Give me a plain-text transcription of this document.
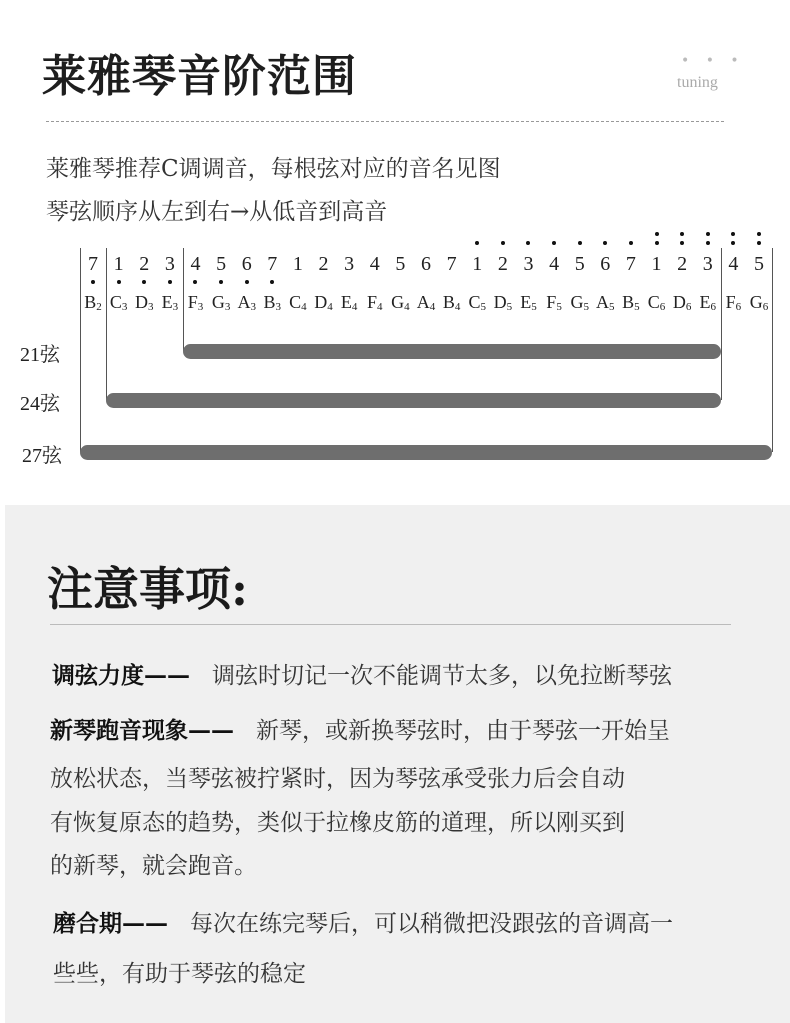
莱雅琴音阶范围	• • •
tuning
莱雅琴推荐C调调音，每根弦对应的音名见图
琴弦顺序从左到右→从低音到高音
7
$B_2$
1
$C_3$
2
$D_3$
3
$E_3$
4
$F_3$
5
$G_3$
6
$A_3$
7
$B_3$
1
$C_4$
2
$D_4$
3
$E_4$
4
$F_4$
5
$G_4$
6
$A_4$
7
$B_4$
1
$C_5$
2
$D_5$
3
$E_5$
4
$F_5$
5
$G_5$
6
$A_5$
7
$B_5$
1
$C_6$
2
$D_6$
3
$E_6$
4
$F_6$
5
$G_6$
21弦
24弦
27弦
注意事项:
调弦力度—— 调弦时切记一次不能调节太多，以免拉断琴弦
新琴跑音现象—— 新琴，或新换琴弦时，由于琴弦一开始呈
放松状态，当琴弦被拧紧时，因为琴弦承受张力后会自动
有恢复原态的趋势，类似于拉橡皮筋的道理，所以刚买到
的新琴，就会跑音。
磨合期—— 每次在练完琴后，可以稍微把没跟弦的音调高一
些些，有助于琴弦的稳定
